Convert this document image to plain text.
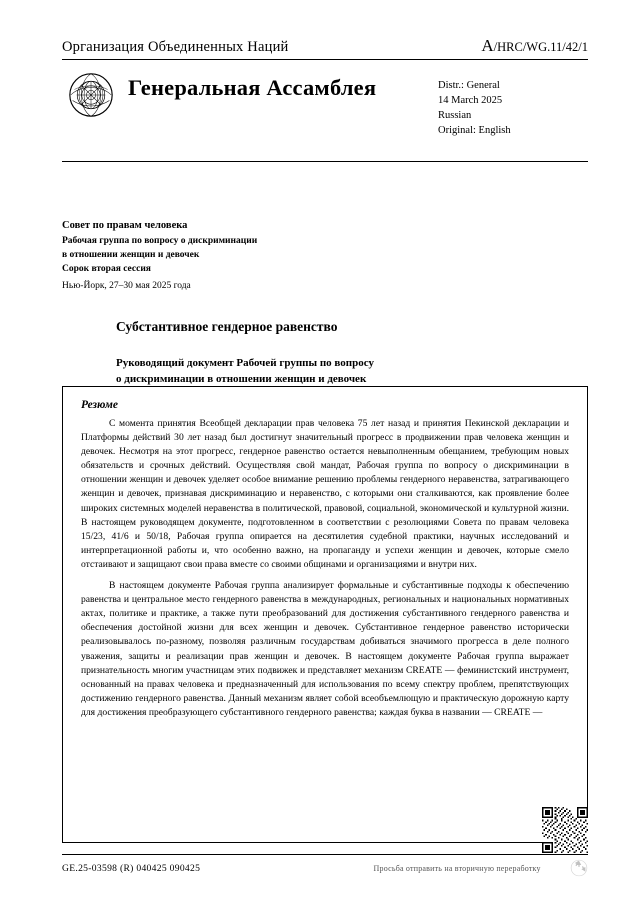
Организация Объединенных Наций	A/HRC/WG.11/42/1
Генеральная Ассамблея	Distr.: General
14 March 2025
Russian
Original: English
Совет по правам человека
Рабочая группа по вопросу о дискриминации
в отношении женщин и девочек
Сорок вторая сессия
Нью-Йорк, 27–30 мая 2025 года
Субстантивное гендерное равенство
Руководящий документ Рабочей группы по вопросу
о дискриминации в отношении женщин и девочек
Резюме

С момента принятия Всеобщей декларации прав человека 75 лет назад и принятия Пекинской декларации и Платформы действий 30 лет назад был достигнут значительный прогресс в продвижении прав человека женщин и девочек. Несмотря на этот прогресс, гендерное равенство остается невыполненным обещанием, требующим новых обязательств и срочных действий. Осуществляя свой мандат, Рабочая группа по вопросу о дискриминации в отношении женщин и девочек уделяет особое внимание решению проблемы гендерного неравенства, затрагивающего женщин и девочек, признавая дискриминацию и неравенство, с которыми они сталкиваются, как проявление более широких системных моделей неравенства в политической, правовой, социальной, экономической и культурной жизни. В настоящем руководящем документе, подготовленном в соответствии с резолюциями Совета по правам человека 15/23, 41/6 и 50/18, Рабочая группа опирается на десятилетия судебной практики, научных исследований и интерпретационной работы и, что особенно важно, на пропаганду и успехи женщин и девочек, которые смело отстаивают и защищают свои права вместе со своими общинами и организациями и внутри них.

В настоящем документе Рабочая группа анализирует формальные и субстантивные подходы к обеспечению равенства и центральное место гендерного равенства в международных, региональных и национальных нормативных актах, политике и практике, а также пути преобразований для достижения субстантивного гендерного равенства и обеспечения достойной жизни для всех женщин и девочек. Субстантивное гендерное равенство исторически реализовывалось по-разному, позволяя различным государствам добиваться значимого прогресса в деле полного уважения, защиты и реализации прав женщин и девочек. В настоящем документе Рабочая группа выражает признательность многим участницам этих подвижек и представляет механизм CREATE — феминистский инструмент, основанный на правах человека и предназначенный для использования по всему спектру проблем, препятствующих достижению гендерного равенства. Данный механизм являет собой всеобъемлющую и практическую дорожную карту для достижения преобразующего субстантивного гендерного равенства; каждая буква в названии — CREATE —

GE.25-03598 (R) 040425 090425	Просьба отправить на вторичную переработку
